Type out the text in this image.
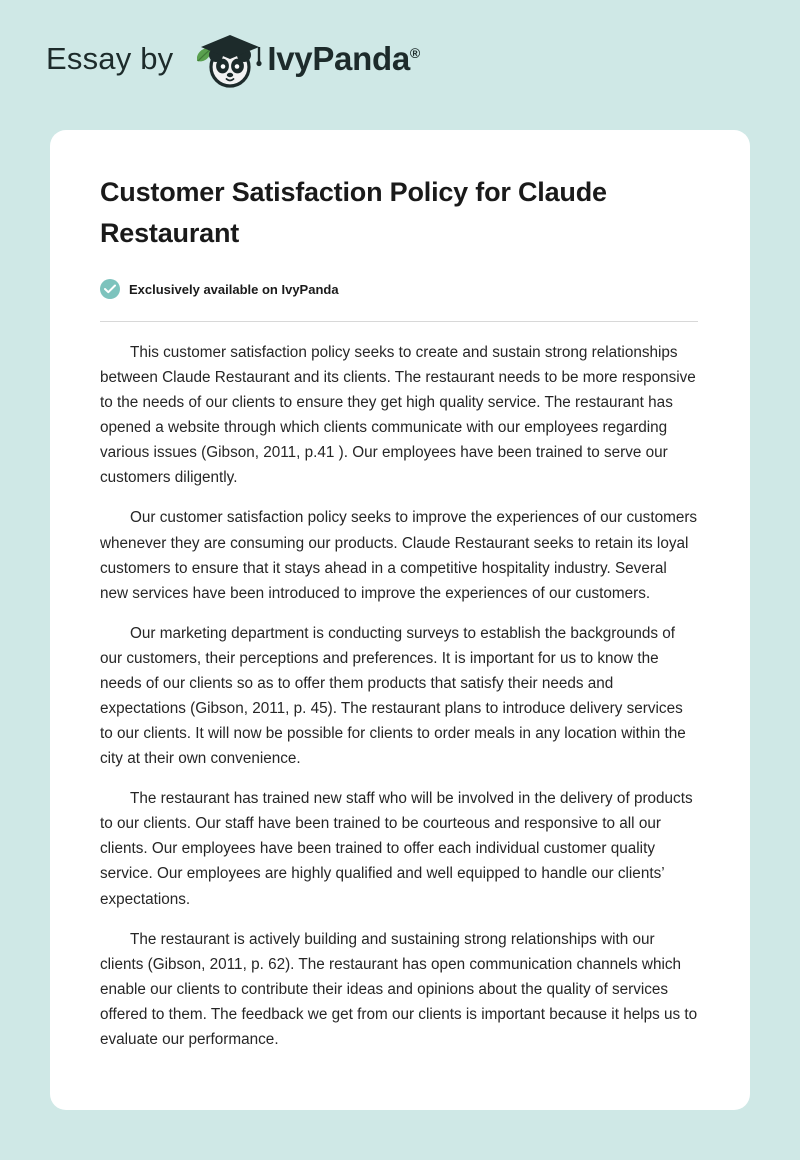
Essay by	IvyPanda®
Customer Satisfaction Policy for Claude Restaurant
Exclusively available on IvyPanda

This customer satisfaction policy seeks to create and sustain strong relationships between Claude Restaurant and its clients. The restaurant needs to be more responsive to the needs of our clients to ensure they get high quality service. The restaurant has opened a website through which clients communicate with our employees regarding various issues (Gibson, 2011, p.41 ). Our employees have been trained to serve our customers diligently.

Our customer satisfaction policy seeks to improve the experiences of our customers whenever they are consuming our products. Claude Restaurant seeks to retain its loyal customers to ensure that it stays ahead in a competitive hospitality industry. Several new services have been introduced to improve the experiences of our customers.

Our marketing department is conducting surveys to establish the backgrounds of our customers, their perceptions and preferences. It is important for us to know the needs of our clients so as to offer them products that satisfy their needs and expectations (Gibson, 2011, p. 45). The restaurant plans to introduce delivery services to our clients. It will now be possible for clients to order meals in any location within the city at their own convenience.

The restaurant has trained new staff who will be involved in the delivery of products to our clients. Our staff have been trained to be courteous and responsive to all our clients. Our employees have been trained to offer each individual customer quality service. Our employees are highly qualified and well equipped to handle our clients’ expectations.

The restaurant is actively building and sustaining strong relationships with our clients (Gibson, 2011, p. 62). The restaurant has open communication channels which enable our clients to contribute their ideas and opinions about the quality of services offered to them. The feedback we get from our clients is important because it helps us to evaluate our performance.
